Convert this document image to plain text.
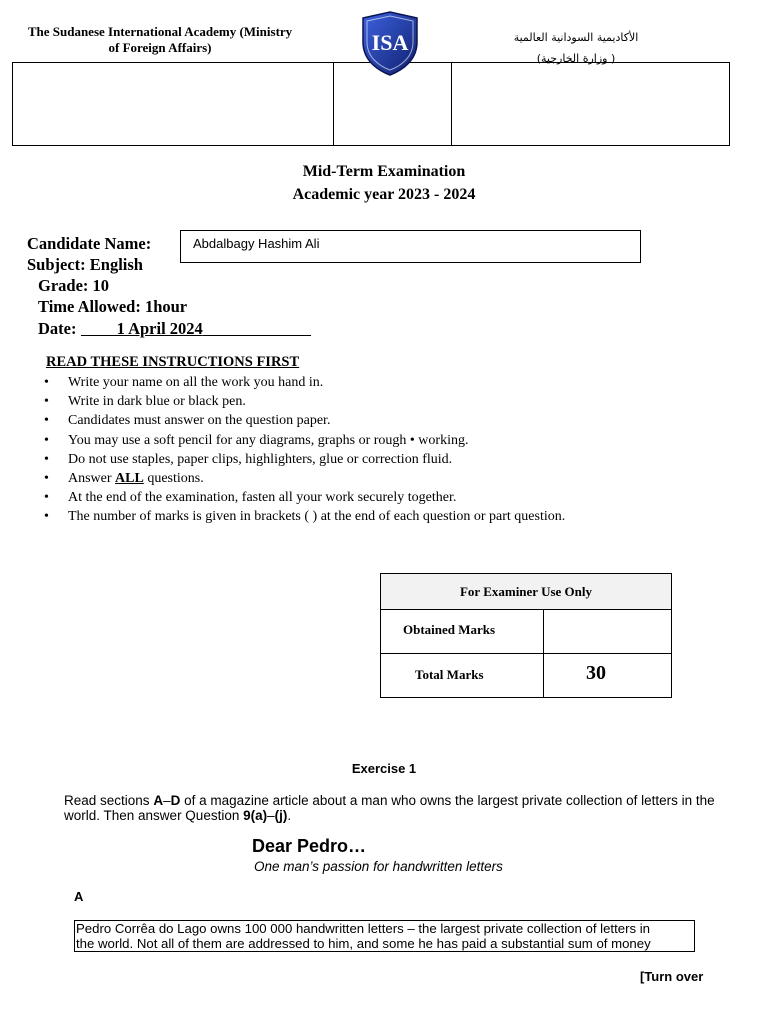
The Sudanese International Academy (Ministry
of Foreign Affairs)	ISA	الأكاديمية السودانية العالمية
( وزارة الخارجية)
Mid-Term Examination
Academic year 2023 - 2024
Candidate Name:	Abdalbagy Hashim Ali
Subject: English
Grade: 10
Time Allowed: 1hour
Date: 1 April 2024
READ THESE INSTRUCTIONS FIRST
• Write your name on all the work you hand in.
• Write in dark blue or black pen.
• Candidates must answer on the question paper.
• You may use a soft pencil for any diagrams, graphs or rough • working.
• Do not use staples, paper clips, highlighters, glue or correction fluid.
• Answer ALL questions.
• At the end of the examination, fasten all your work securely together.
• The number of marks is given in brackets ( ) at the end of each question or part question.
For Examiner Use Only
Obtained Marks
Total Marks	30
Exercise 1
Read sections A–D of a magazine article about a man who owns the largest private collection of letters in the world. Then answer Question 9(a)–(j).
Dear Pedro…
One man’s passion for handwritten letters
A
Pedro Corrêa do Lago owns 100 000 handwritten letters – the largest private collection of letters in
the world. Not all of them are addressed to him, and some he has paid a substantial sum of money
[Turn over
